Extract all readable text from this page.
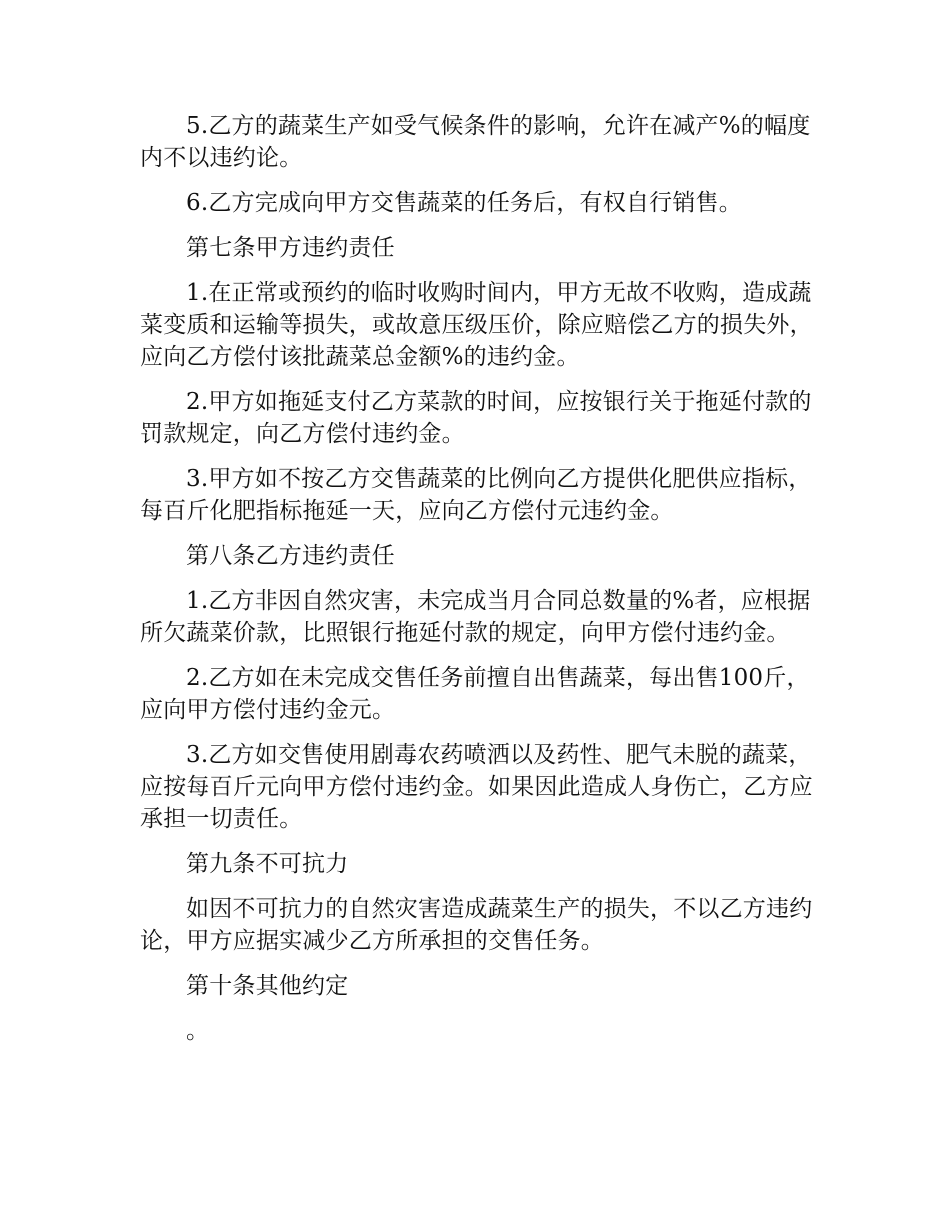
5.乙方的蔬菜生产如受气候条件的影响，允许在减产%的幅度内不以违约论。

6.乙方完成向甲方交售蔬菜的任务后，有权自行销售。

第七条甲方违约责任

1.在正常或预约的临时收购时间内，甲方无故不收购，造成蔬菜变质和运输等损失，或故意压级压价，除应赔偿乙方的损失外，应向乙方偿付该批蔬菜总金额%的违约金。

2.甲方如拖延支付乙方菜款的时间，应按银行关于拖延付款的罚款规定，向乙方偿付违约金。

3.甲方如不按乙方交售蔬菜的比例向乙方提供化肥供应指标，每百斤化肥指标拖延一天，应向乙方偿付元违约金。

第八条乙方违约责任

1.乙方非因自然灾害，未完成当月合同总数量的%者，应根据所欠蔬菜价款，比照银行拖延付款的规定，向甲方偿付违约金。

2.乙方如在未完成交售任务前擅自出售蔬菜，每出售100斤，应向甲方偿付违约金元。

3.乙方如交售使用剧毒农药喷洒以及药性、肥气未脱的蔬菜，应按每百斤元向甲方偿付违约金。如果因此造成人身伤亡，乙方应承担一切责任。

第九条不可抗力

如因不可抗力的自然灾害造成蔬菜生产的损失，不以乙方违约论，甲方应据实减少乙方所承担的交售任务。

第十条其他约定

。
